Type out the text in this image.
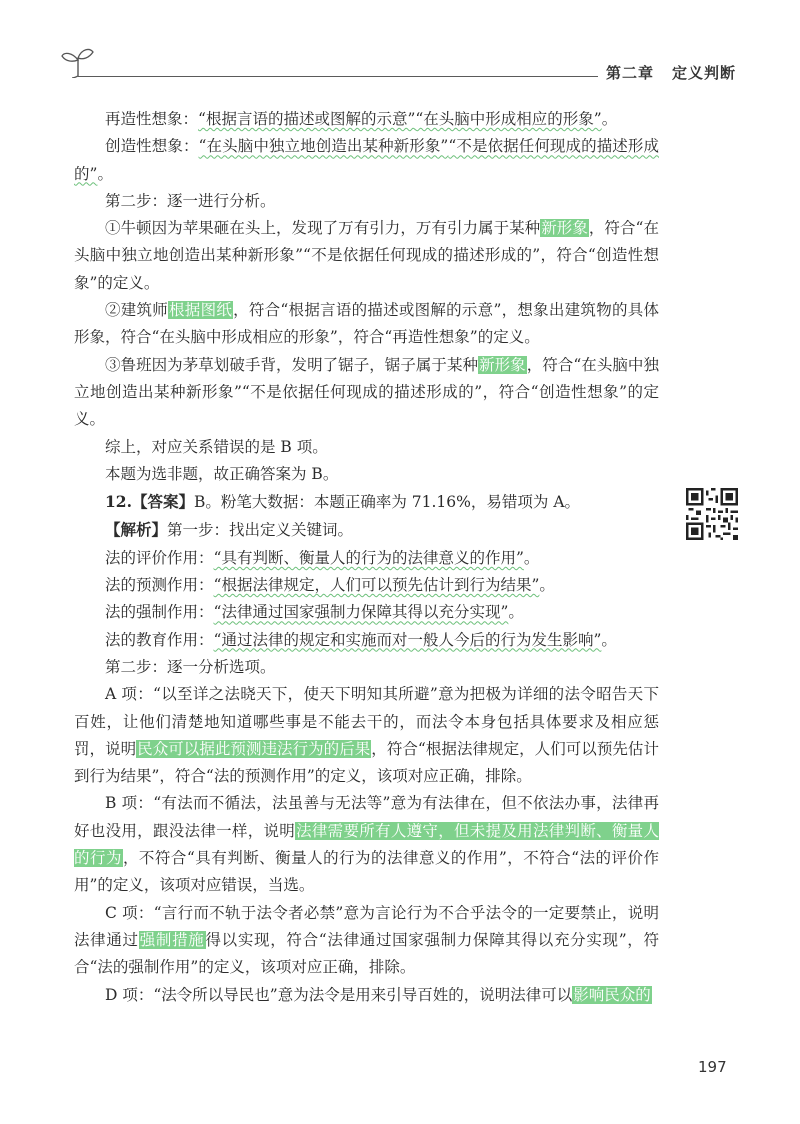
第二章 定义判断

再造性想象：“根据言语的描述或图解的示意”“在头脑中形成相应的形象”。

创造性想象：“在头脑中独立地创造出某种新形象”“不是依据任何现成的描述形成的”。

第二步：逐一进行分析。

①牛顿因为苹果砸在头上，发现了万有引力，万有引力属于某种新形象，符合“在头脑中独立地创造出某种新形象”“不是依据任何现成的描述形成的”，符合“创造性想象”的定义。

②建筑师根据图纸，符合“根据言语的描述或图解的示意”，想象出建筑物的具体形象，符合“在头脑中形成相应的形象”，符合“再造性想象”的定义。

③鲁班因为茅草划破手背，发明了锯子，锯子属于某种新形象，符合“在头脑中独立地创造出某种新形象”“不是依据任何现成的描述形成的”，符合“创造性想象”的定义。

综上，对应关系错误的是 B 项。

本题为选非题，故正确答案为 B。

12.【答案】B。粉笔大数据：本题正确率为 71.16%，易错项为 A。

【解析】第一步：找出定义关键词。

法的评价作用：“具有判断、衡量人的行为的法律意义的作用”。

法的预测作用：“根据法律规定，人们可以预先估计到行为结果”。

法的强制作用：“法律通过国家强制力保障其得以充分实现”。

法的教育作用：“通过法律的规定和实施而对一般人今后的行为发生影响”。

第二步：逐一分析选项。

A 项：“以至详之法晓天下，使天下明知其所避”意为把极为详细的法令昭告天下百姓，让他们清楚地知道哪些事是不能去干的，而法令本身包括具体要求及相应惩罚，说明民众可以据此预测违法行为的后果，符合“根据法律规定，人们可以预先估计到行为结果”，符合“法的预测作用”的定义，该项对应正确，排除。

B 项：“有法而不循法，法虽善与无法等”意为有法律在，但不依法办事，法律再好也没用，跟没法律一样，说明法律需要所有人遵守，但未提及用法律判断、衡量人的行为，不符合“具有判断、衡量人的行为的法律意义的作用”，不符合“法的评价作用”的定义，该项对应错误，当选。

C 项：“言行而不轨于法令者必禁”意为言论行为不合乎法令的一定要禁止，说明法律通过强制措施得以实现，符合“法律通过国家强制力保障其得以充分实现”，符合“法的强制作用”的定义，该项对应正确，排除。

D 项：“法令所以导民也”意为法令是用来引导百姓的，说明法律可以影响民众的

197
